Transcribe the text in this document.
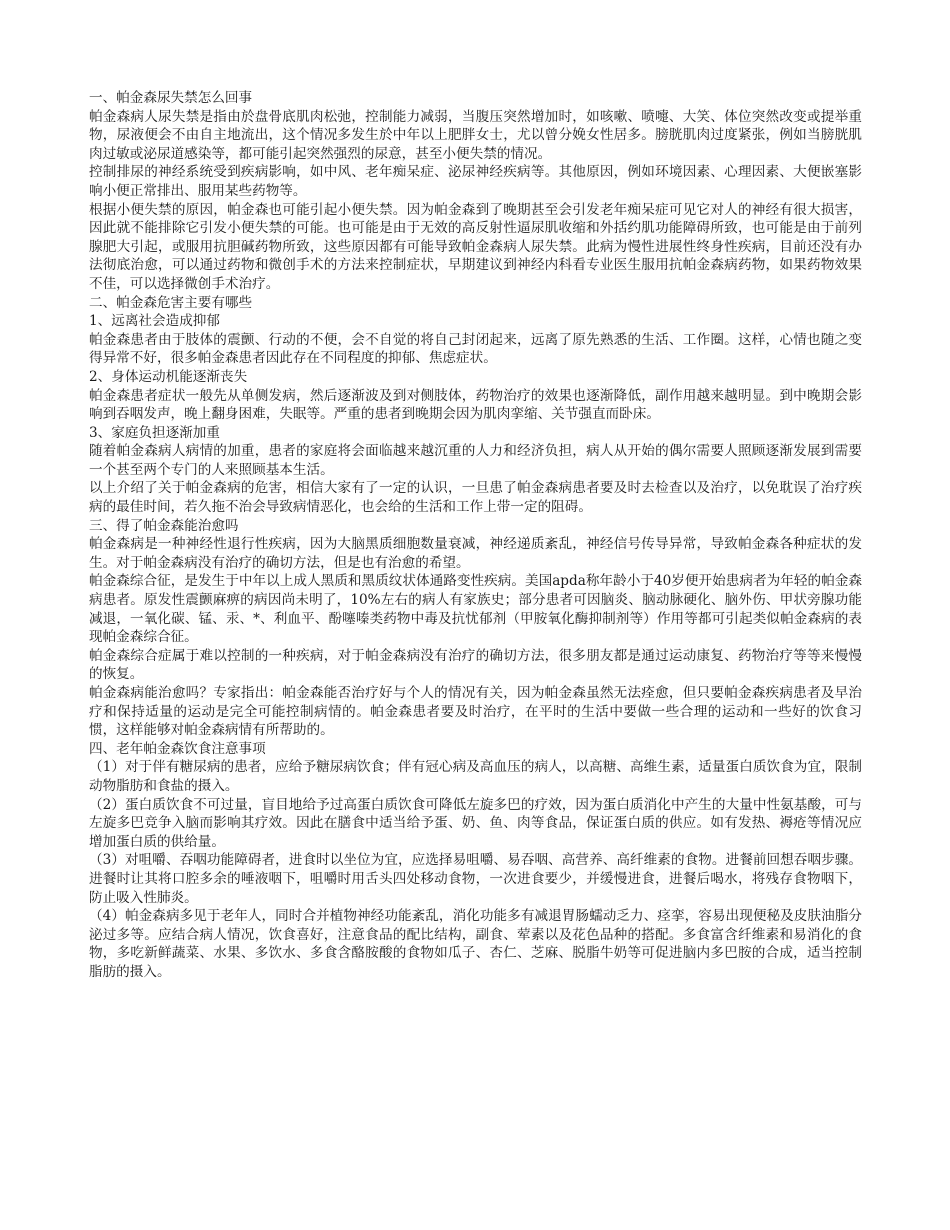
一、帕金森尿失禁怎么回事

帕金森病人尿失禁是指由於盘骨底肌肉松弛，控制能力减弱，当腹压突然增加时，如咳嗽、喷嚏、大笑、体位突然改变或提举重物，尿液便会不由自主地流出，这个情况多发生於中年以上肥胖女士，尤以曾分娩女性居多。膀胱肌肉过度紧张，例如当膀胱肌肉过敏或泌尿道感染等，都可能引起突然强烈的尿意，甚至小便失禁的情况。

控制排尿的神经系统受到疾病影响，如中风、老年痴呆症、泌尿神经疾病等。其他原因，例如环境因素、心理因素、大便嵌塞影响小便正常排出、服用某些药物等。

根据小便失禁的原因，帕金森也可能引起小便失禁。因为帕金森到了晚期甚至会引发老年痴呆症可见它对人的神经有很大损害，因此就不能排除它引发小便失禁的可能。也可能是由于无效的高反射性逼尿肌收缩和外括约肌功能障碍所致，也可能是由于前列腺肥大引起，或服用抗胆碱药物所致，这些原因都有可能导致帕金森病人尿失禁。此病为慢性进展性终身性疾病，目前还没有办法彻底治愈，可以通过药物和微创手术的方法来控制症状，早期建议到神经内科看专业医生服用抗帕金森病药物，如果药物效果不佳，可以选择微创手术治疗。

二、帕金森危害主要有哪些

1、远离社会造成抑郁

帕金森患者由于肢体的震颤、行动的不便，会不自觉的将自己封闭起来，远离了原先熟悉的生活、工作圈。这样，心情也随之变得异常不好，很多帕金森患者因此存在不同程度的抑郁、焦虑症状。

2、身体运动机能逐渐丧失

帕金森患者症状一般先从单侧发病，然后逐渐波及到对侧肢体，药物治疗的效果也逐渐降低，副作用越来越明显。到中晚期会影响到吞咽发声，晚上翻身困难，失眠等。严重的患者到晚期会因为肌肉挛缩、关节强直而卧床。

3、家庭负担逐渐加重

随着帕金森病人病情的加重，患者的家庭将会面临越来越沉重的人力和经济负担，病人从开始的偶尔需要人照顾逐渐发展到需要一个甚至两个专门的人来照顾基本生活。

以上介绍了关于帕金森病的危害，相信大家有了一定的认识，一旦患了帕金森病患者要及时去检查以及治疗，以免耽误了治疗疾病的最佳时间，若久拖不治会导致病情恶化，也会给的生活和工作上带一定的阻碍。

三、得了帕金森能治愈吗

帕金森病是一种神经性退行性疾病，因为大脑黑质细胞数量衰减，神经递质紊乱，神经信号传导异常，导致帕金森各种症状的发生。对于帕金森病没有治疗的确切方法，但是也有治愈的希望。

帕金森综合征，是发生于中年以上成人黑质和黑质纹状体通路变性疾病。美国apda称年龄小于40岁便开始患病者为年轻的帕金森病患者。原发性震颤麻痹的病因尚未明了，10%左右的病人有家族史；部分患者可因脑炎、脑动脉硬化、脑外伤、甲状旁腺功能减退，一氧化碳、锰、汞、*、利血平、酚噻嗪类药物中毒及抗忧郁剂（甲胺氧化酶抑制剂等）作用等都可引起类似帕金森病的表现帕金森综合征。

帕金森综合症属于难以控制的一种疾病，对于帕金森病没有治疗的确切方法，很多朋友都是通过运动康复、药物治疗等等来慢慢的恢复。

帕金森病能治愈吗？专家指出：帕金森能否治疗好与个人的情况有关，因为帕金森虽然无法痊愈，但只要帕金森疾病患者及早治疗和保持适量的运动是完全可能控制病情的。帕金森患者要及时治疗，在平时的生活中要做一些合理的运动和一些好的饮食习惯，这样能够对帕金森病情有所帮助的。

四、老年帕金森饮食注意事项

（1）对于伴有糖尿病的患者，应给予糖尿病饮食；伴有冠心病及高血压的病人，以高糖、高维生素，适量蛋白质饮食为宜，限制动物脂肪和食盐的摄入。

（2）蛋白质饮食不可过量，盲目地给予过高蛋白质饮食可降低左旋多巴的疗效，因为蛋白质消化中产生的大量中性氨基酸，可与左旋多巴竞争入脑而影响其疗效。因此在膳食中适当给予蛋、奶、鱼、肉等食品，保证蛋白质的供应。如有发热、褥疮等情况应增加蛋白质的供给量。

（3）对咀嚼、吞咽功能障碍者，进食时以坐位为宜，应选择易咀嚼、易吞咽、高营养、高纤维素的食物。进餐前回想吞咽步骤。进餐时让其将口腔多余的唾液咽下，咀嚼时用舌头四处移动食物，一次进食要少，并缓慢进食，进餐后喝水，将残存食物咽下，防止吸入性肺炎。

（4）帕金森病多见于老年人，同时合并植物神经功能紊乱，消化功能多有减退胃肠蠕动乏力、痉挛，容易出现便秘及皮肤油脂分泌过多等。应结合病人情况，饮食喜好，注意食品的配比结构，副食、荤素以及花色品种的搭配。多食富含纤维素和易消化的食物，多吃新鲜蔬菜、水果、多饮水、多食含酪胺酸的食物如瓜子、杏仁、芝麻、脱脂牛奶等可促进脑内多巴胺的合成，适当控制脂肪的摄入。
